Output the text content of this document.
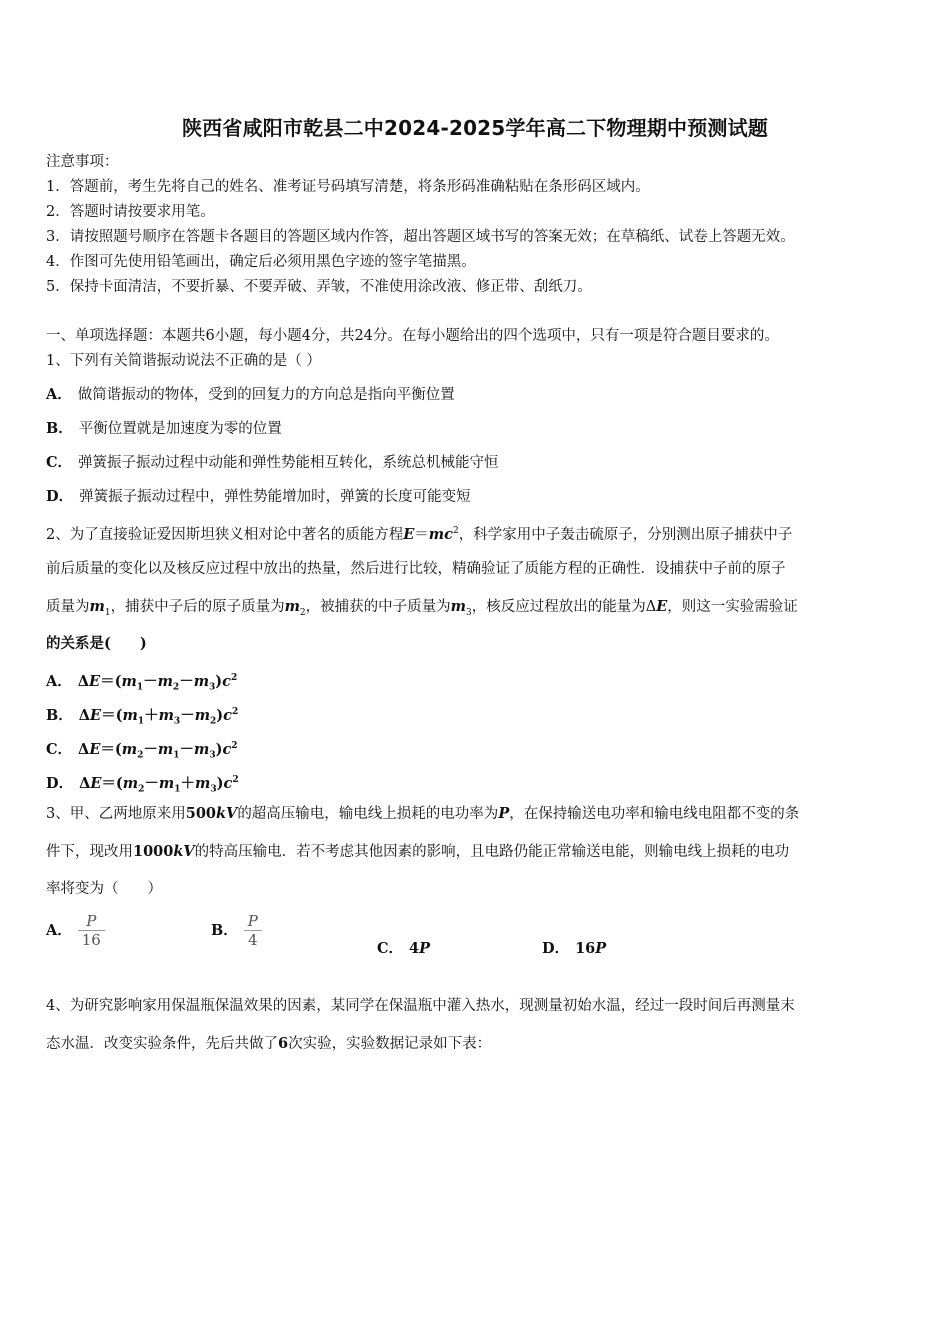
陕西省咸阳市乾县二中2024-2025学年高二下物理期中预测试题
注意事项：
1．答题前，考生先将自己的姓名、准考证号码填写清楚，将条形码准确粘贴在条形码区域内。
2．答题时请按要求用笔。
3．请按照题号顺序在答题卡各题目的答题区域内作答，超出答题区域书写的答案无效；在草稿纸、试卷上答题无效。
4．作图可先使用铅笔画出，确定后必须用黑色字迹的签字笔描黑。
5．保持卡面清洁，不要折暴、不要弄破、弄皱，不准使用涂改液、修正带、刮纸刀。
一、单项选择题：本题共6小题，每小题4分，共24分。在每小题给出的四个选项中，只有一项是符合题目要求的。
1、下列有关简谐振动说法不正确的是（ ）
A． 做简谐振动的物体，受到的回复力的方向总是指向平衡位置
B． 平衡位置就是加速度为零的位置
C． 弹簧振子振动过程中动能和弹性势能相互转化，系统总机械能守恒
D． 弹簧振子振动过程中，弹性势能增加时，弹簧的长度可能变短
2、为了直接验证爱因斯坦狭义相对论中著名的质能方程$E=mc^2$，科学家用中子轰击硫原子，分别测出原子捕获中子
前后质量的变化以及核反应过程中放出的热量，然后进行比较，精确验证了质能方程的正确性．设捕获中子前的原子
质量为$m_1$，捕获中子后的原子质量为$m_2$，被捕获的中子质量为$m_3$，核反应过程放出的能量为ΔE，则这一实验需验证
的关系是(　　)
A． $\Delta E=(m_1-m_2-m_3)c^2$
B． $\Delta E=(m_1+m_3-m_2)c^2$
C． $\Delta E=(m_2-m_1-m_3)c^2$
D． $\Delta E=(m_2-m_1+m_3)c^2$
3、甲、乙两地原来用500kV的超高压输电，输电线上损耗的电功率为P，在保持输送电功率和输电线电阻都不变的条
件下，现改用1000kV的特高压输电．若不考虑其他因素的影响，且电路仍能正常输送电能，则输电线上损耗的电功
率将变为（　　）
A． $\frac{P}{16}$	B． $\frac{P}{4}$	C． 4P	D． 16P
4、为研究影响家用保温瓶保温效果的因素，某同学在保温瓶中灌入热水，现测量初始水温，经过一段时间后再测量末
态水温．改变实验条件，先后共做了6次实验，实验数据记录如下表：
